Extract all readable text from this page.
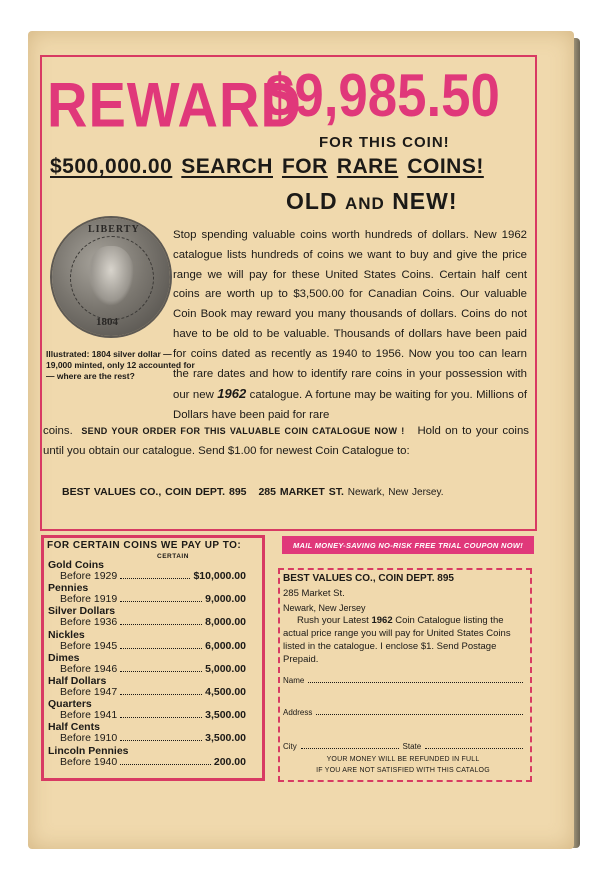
REWARD
$9,985.50
FOR THIS COIN!
$500,000.00 SEARCH FOR RARE COINS!
OLD AND NEW!
LIBERTY
1804
Illustrated: 1804 silver dollar — 19,000 minted, only 12 accounted for— where are the rest?
Stop spending valuable coins worth hundreds of dollars. New 1962 catalogue lists hundreds of coins we want to buy and give the price range we will pay for these United States Coins. Certain half cent coins are worth up to $3,500.00 for Canadian Coins. Our valuable Coin Book may reward you many thousands of dollars. Coins do not have to be old to be valuable. Thousands of dollars have been paid for coins dated as recently as 1940 to 1956. Now you too can learn the rare dates and how to identify rare coins in your possession with our new 1962 catalogue. A fortune may be waiting for you. Millions of Dollars have been paid for rare
coins. SEND YOUR ORDER FOR THIS VALUABLE COIN CATALOGUE NOW ! Hold on to your coins until you obtain our catalogue. Send $1.00 for newest Coin Catalogue to:
BEST VALUES CO., COIN DEPT. 895 285 MARKET ST. Newark, New Jersey.
FOR CERTAIN COINS WE PAY UP TO:
CERTAIN
Gold Coins
Before 1929	$10,000.00
Pennies
Before 1919	9,000.00
Silver Dollars
Before 1936	8,000.00
Nickles
Before 1945	6,000.00
Dimes
Before 1946	5,000.00
Half Dollars
Before 1947	4,500.00
Quarters
Before 1941	3,500.00
Half Cents
Before 1910	3,500.00
Lincoln Pennies
Before 1940	200.00
MAIL MONEY-SAVING NO-RISK FREE TRIAL COUPON NOW!
BEST VALUES CO., COIN DEPT. 895
285 Market St.
Newark, New Jersey
Rush your Latest 1962 Coin Catalogue listing the actual price range you will pay for United States Coins listed in the catalogue. I enclose $1. Send Postage Prepaid.
Name
Address
City	State
YOUR MONEY WILL BE REFUNDED IN FULL
IF YOU ARE NOT SATISFIED WITH THIS CATALOG
